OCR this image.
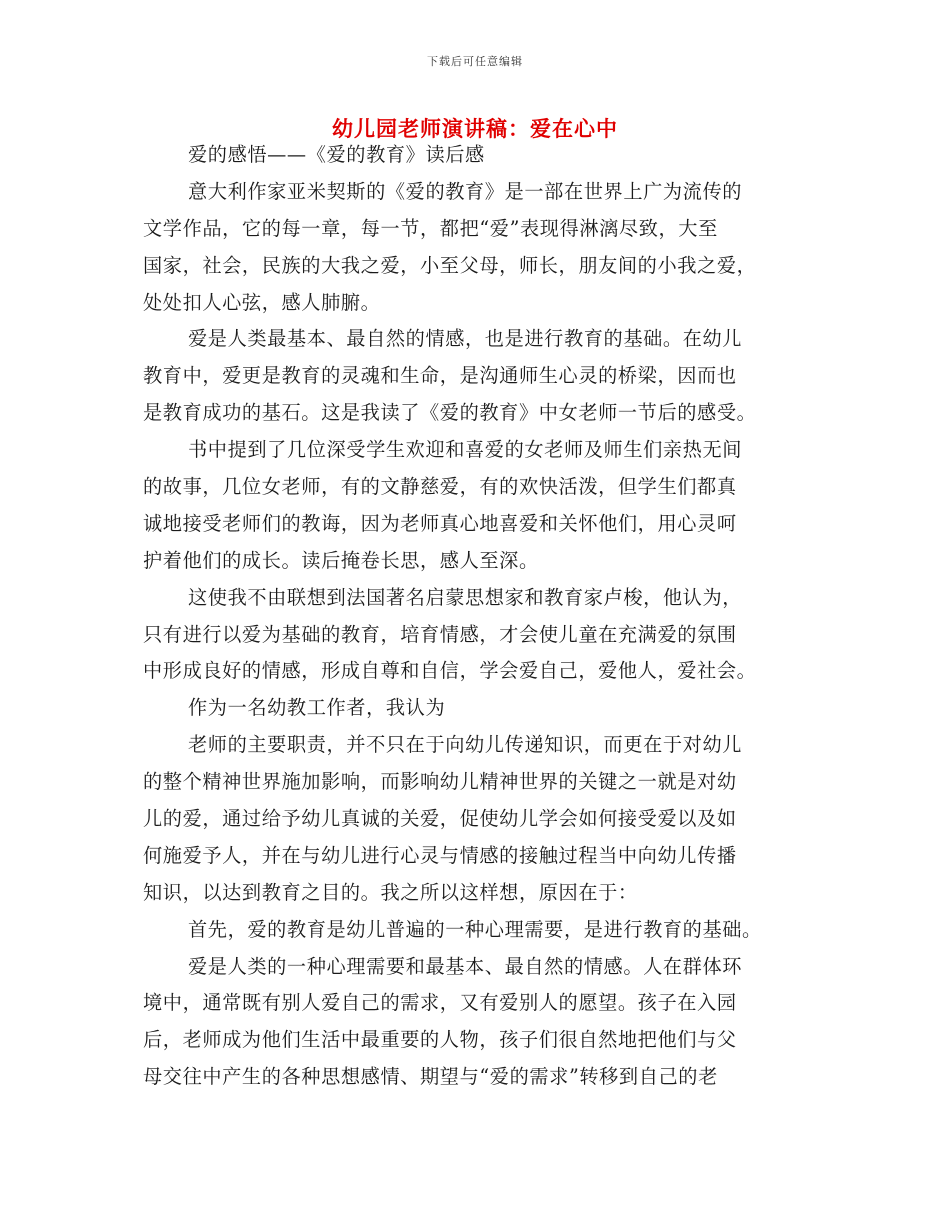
下载后可任意编辑
幼儿园老师演讲稿：爱在心中
爱的感悟——《爱的教育》读后感
意大利作家亚米契斯的《爱的教育》是一部在世界上广为流传的
文学作品，它的每一章，每一节，都把“爱”表现得淋漓尽致，大至
国家，社会，民族的大我之爱，小至父母，师长，朋友间的小我之爱，
处处扣人心弦，感人肺腑。
爱是人类最基本、最自然的情感，也是进行教育的基础。在幼儿
教育中，爱更是教育的灵魂和生命，是沟通师生心灵的桥梁，因而也
是教育成功的基石。这是我读了《爱的教育》中女老师一节后的感受。
书中提到了几位深受学生欢迎和喜爱的女老师及师生们亲热无间
的故事，几位女老师，有的文静慈爱，有的欢快活泼，但学生们都真
诚地接受老师们的教诲，因为老师真心地喜爱和关怀他们，用心灵呵
护着他们的成长。读后掩卷长思，感人至深。
这使我不由联想到法国著名启蒙思想家和教育家卢梭，他认为，
只有进行以爱为基础的教育，培育情感，才会使儿童在充满爱的氛围
中形成良好的情感，形成自尊和自信，学会爱自己，爱他人，爱社会。
作为一名幼教工作者，我认为
老师的主要职责，并不只在于向幼儿传递知识，而更在于对幼儿
的整个精神世界施加影响，而影响幼儿精神世界的关键之一就是对幼
儿的爱，通过给予幼儿真诚的关爱，促使幼儿学会如何接受爱以及如
何施爱予人，并在与幼儿进行心灵与情感的接触过程当中向幼儿传播
知识，以达到教育之目的。我之所以这样想，原因在于：
首先，爱的教育是幼儿普遍的一种心理需要，是进行教育的基础。
爱是人类的一种心理需要和最基本、最自然的情感。人在群体环
境中，通常既有别人爱自己的需求，又有爱别人的愿望。孩子在入园
后，老师成为他们生活中最重要的人物，孩子们很自然地把他们与父
母交往中产生的各种思想感情、期望与“爱的需求”转移到自己的老
